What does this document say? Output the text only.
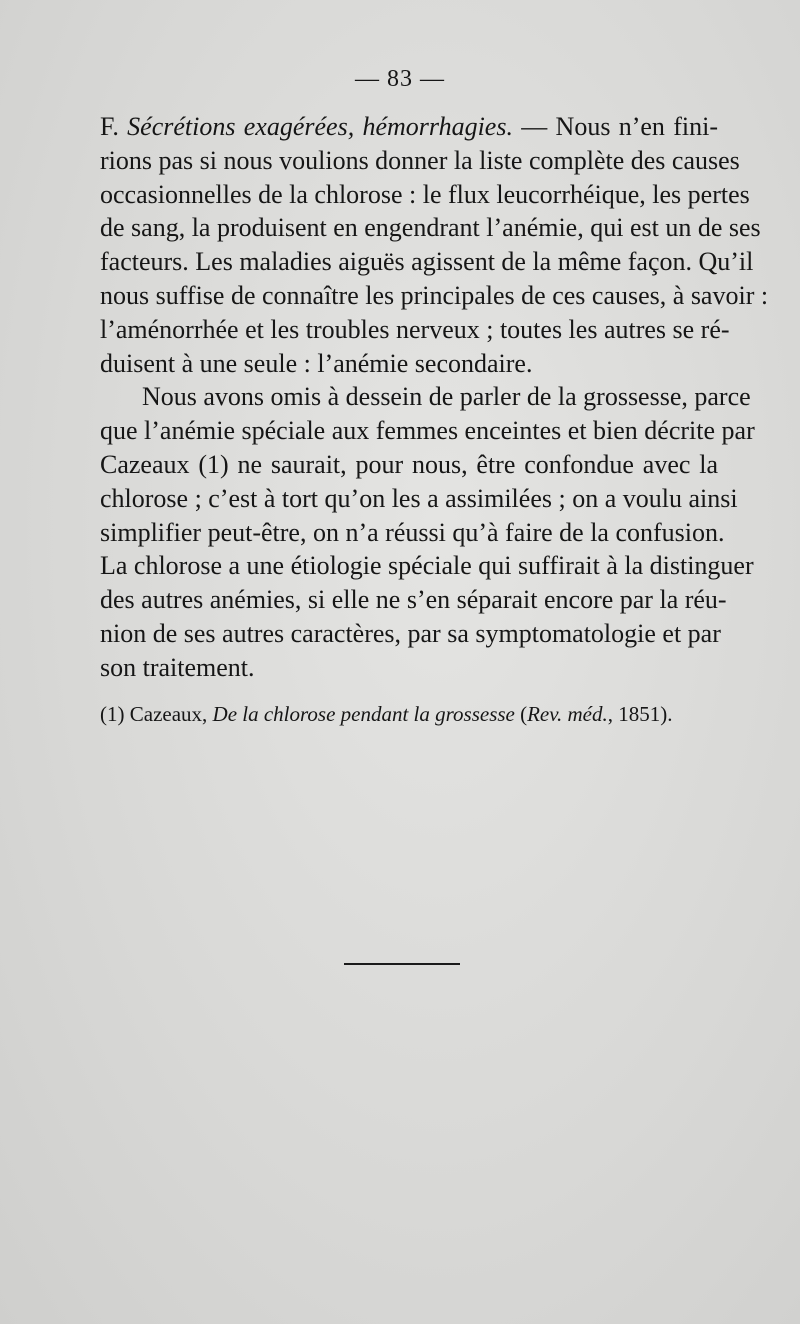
— 83 —
F. Sécrétions exagérées, hémorrhagies. — Nous n’en fini-
rions pas si nous voulions donner la liste complète des causes
occasionnelles de la chlorose : le flux leucorrhéique, les pertes
de sang, la produisent en engendrant l’anémie, qui est un de ses
facteurs. Les maladies aiguës agissent de la même façon. Qu’il
nous suffise de connaître les principales de ces causes, à savoir :
l’aménorrhée et les troubles nerveux ; toutes les autres se ré-
duisent à une seule : l’anémie secondaire.
Nous avons omis à dessein de parler de la grossesse, parce
que l’anémie spéciale aux femmes enceintes et bien décrite par
Cazeaux (1) ne saurait, pour nous, être confondue avec la
chlorose ; c’est à tort qu’on les a assimilées ; on a voulu ainsi
simplifier peut-être, on n’a réussi qu’à faire de la confusion.
La chlorose a une étiologie spéciale qui suffirait à la distinguer
des autres anémies, si elle ne s’en séparait encore par la réu-
nion de ses autres caractères, par sa symptomatologie et par
son traitement.
(1) Cazeaux, De la chlorose pendant la grossesse (Rev. méd., 1851).
